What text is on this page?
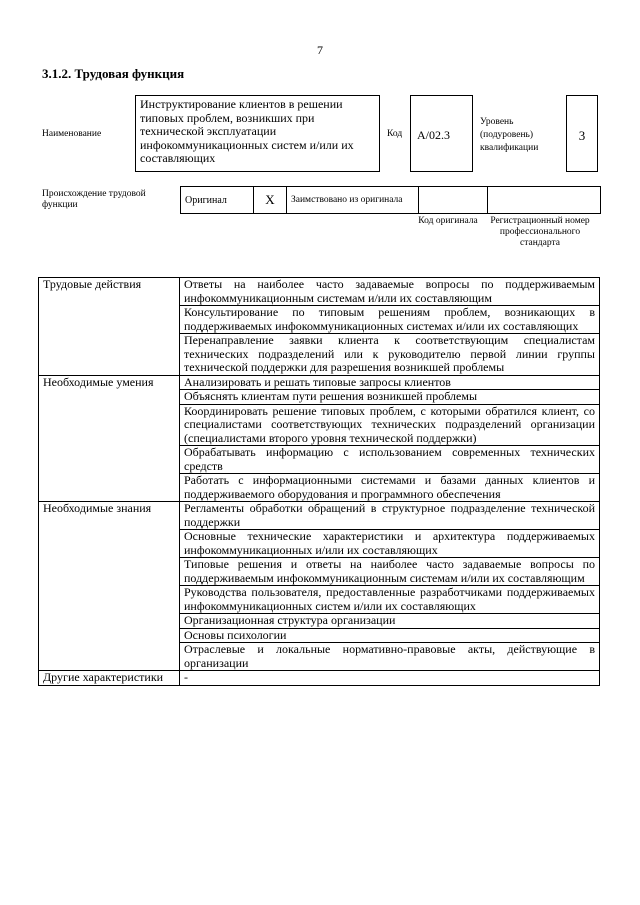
7
3.1.2. Трудовая функция
Наименование
Инструктирование клиентов в решении типовых проблем, возникших при технической эксплуатации инфокоммуникационных систем и/или их составляющих
Код	A/02.3
Уровень (подуровень) квалификации
3
Происхождение трудовой функции	Оригинал	X	Заимствовано из оригинала		
Код оригинала	Регистрационный номер профессионального стандарта
Трудовые действия	Ответы на наиболее часто задаваемые вопросы по поддерживаемым инфокоммуникационным системам и/или их составляющим
	Консультирование по типовым решениям проблем, возникающих в поддерживаемых инфокоммуникационных системах и/или их составляющих
	Перенаправление заявки клиента к соответствующим специалистам технических подразделений или к руководителю первой линии группы технической поддержки для разрешения возникшей проблемы
Необходимые умения	Анализировать и решать типовые запросы клиентов
	Объяснять клиентам пути решения возникшей проблемы
	Координировать решение типовых проблем, с которыми обратился клиент, со специалистами соответствующих технических подразделений организации (специалистами второго уровня технической поддержки)
	Обрабатывать информацию с использованием современных технических средств
	Работать с информационными системами и базами данных клиентов и поддерживаемого оборудования и программного обеспечения
Необходимые знания	Регламенты обработки обращений в структурное подразделение технической поддержки
	Основные технические характеристики и архитектура поддерживаемых инфокоммуникационных и/или их составляющих
	Типовые решения и ответы на наиболее часто задаваемые вопросы по поддерживаемым инфокоммуникационным системам и/или их составляющим
	Руководства пользователя, предоставленные разработчиками поддерживаемых инфокоммуникационных систем и/или их составляющих
	Организационная структура организации
	Основы психологии
	Отраслевые и локальные нормативно-правовые акты, действующие в организации
Другие характеристики	-
